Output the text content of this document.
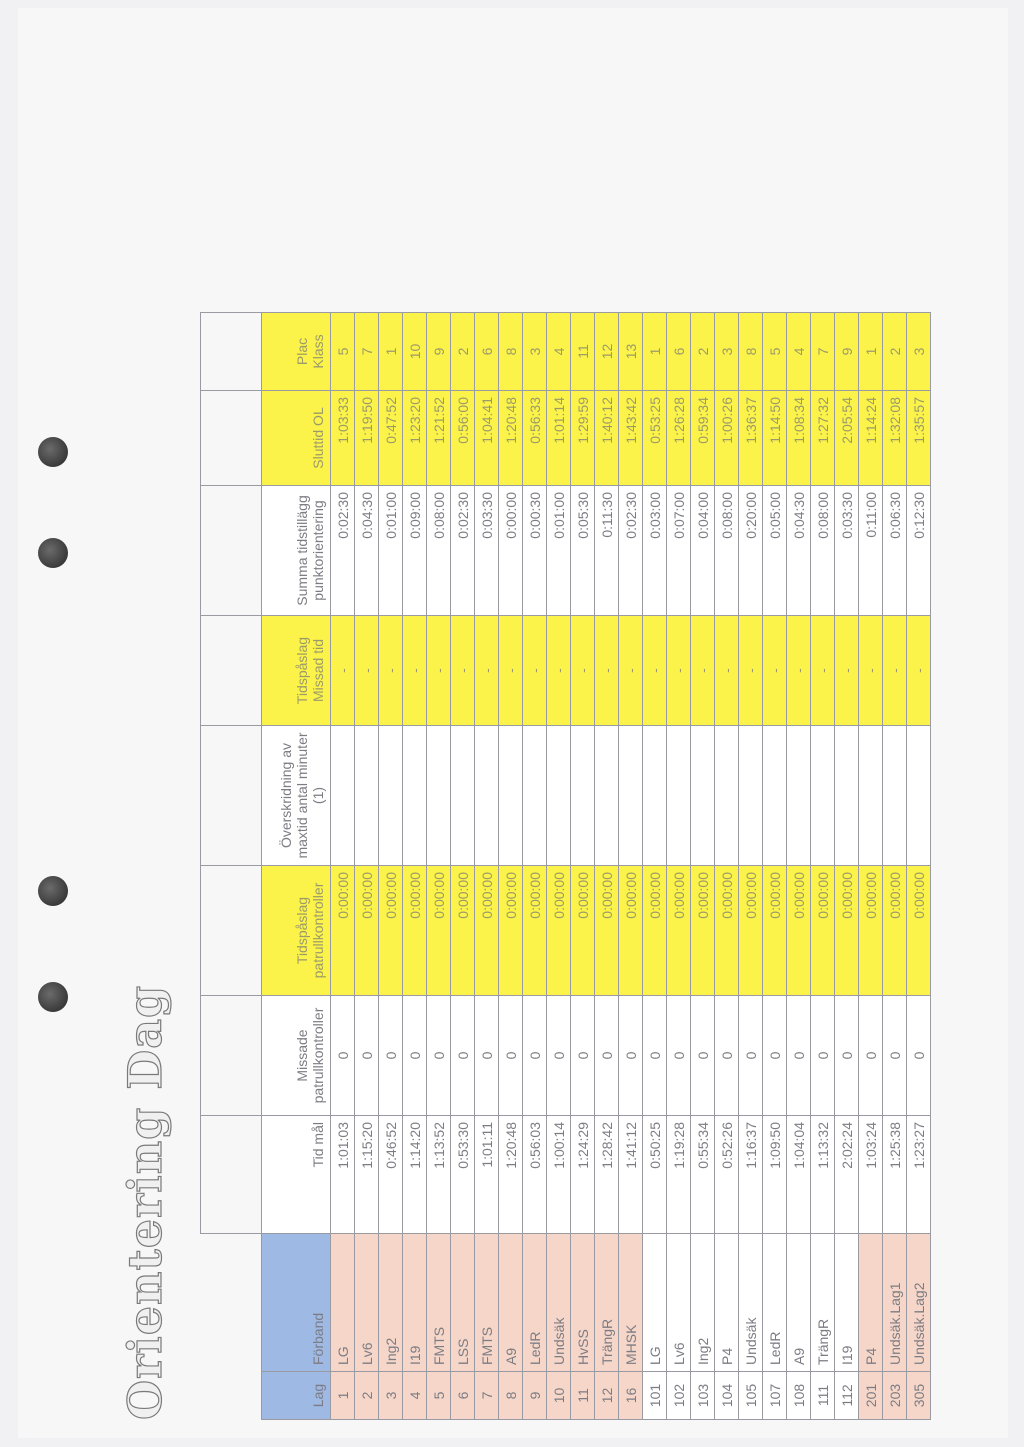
Orientering Dag
									Lag	Förband	Tid mål	Missade patrullkontroller	Tidspåslag patrullkontroller	Överskridning av maxtid antal minuter (1)	Tidspåslag Missad tid	Summa tidstillägg punktorientering	Sluttid OL	Plac Klass
1	LG	1:01:03	0	0:00:00		-	0:02:30	1:03:33	5
2	Lv6	1:15:20	0	0:00:00		-	0:04:30	1:19:50	7
3	Ing2	0:46:52	0	0:00:00		-	0:01:00	0:47:52	1
4	I19	1:14:20	0	0:00:00		-	0:09:00	1:23:20	10
5	FMTS	1:13:52	0	0:00:00		-	0:08:00	1:21:52	9
6	LSS	0:53:30	0	0:00:00		-	0:02:30	0:56:00	2
7	FMTS	1:01:11	0	0:00:00		-	0:03:30	1:04:41	6
8	A9	1:20:48	0	0:00:00		-	0:00:00	1:20:48	8
9	LedR	0:56:03	0	0:00:00		-	0:00:30	0:56:33	3
10	Undsäk	1:00:14	0	0:00:00		-	0:01:00	1:01:14	4
11	HvSS	1:24:29	0	0:00:00		-	0:05:30	1:29:59	11
12	TrängR	1:28:42	0	0:00:00		-	0:11:30	1:40:12	12
16	MHSK	1:41:12	0	0:00:00		-	0:02:30	1:43:42	13
101	LG	0:50:25	0	0:00:00		-	0:03:00	0:53:25	1
102	Lv6	1:19:28	0	0:00:00		-	0:07:00	1:26:28	6
103	Ing2	0:55:34	0	0:00:00		-	0:04:00	0:59:34	2
104	P4	0:52:26	0	0:00:00		-	0:08:00	1:00:26	3
105	Undsäk	1:16:37	0	0:00:00		-	0:20:00	1:36:37	8
107	LedR	1:09:50	0	0:00:00		-	0:05:00	1:14:50	5
108	A9	1:04:04	0	0:00:00		-	0:04:30	1:08:34	4
111	TrängR	1:13:32	0	0:00:00		-	0:08:00	1:27:32	7
112	I19	2:02:24	0	0:00:00		-	0:03:30	2:05:54	9
201	P4	1:03:24	0	0:00:00		-	0:11:00	1:14:24	1
203	Undsäk.Lag1	1:25:38	0	0:00:00		-	0:06:30	1:32:08	2
305	Undsäk.Lag2	1:23:27	0	0:00:00		-	0:12:30	1:35:57	3
